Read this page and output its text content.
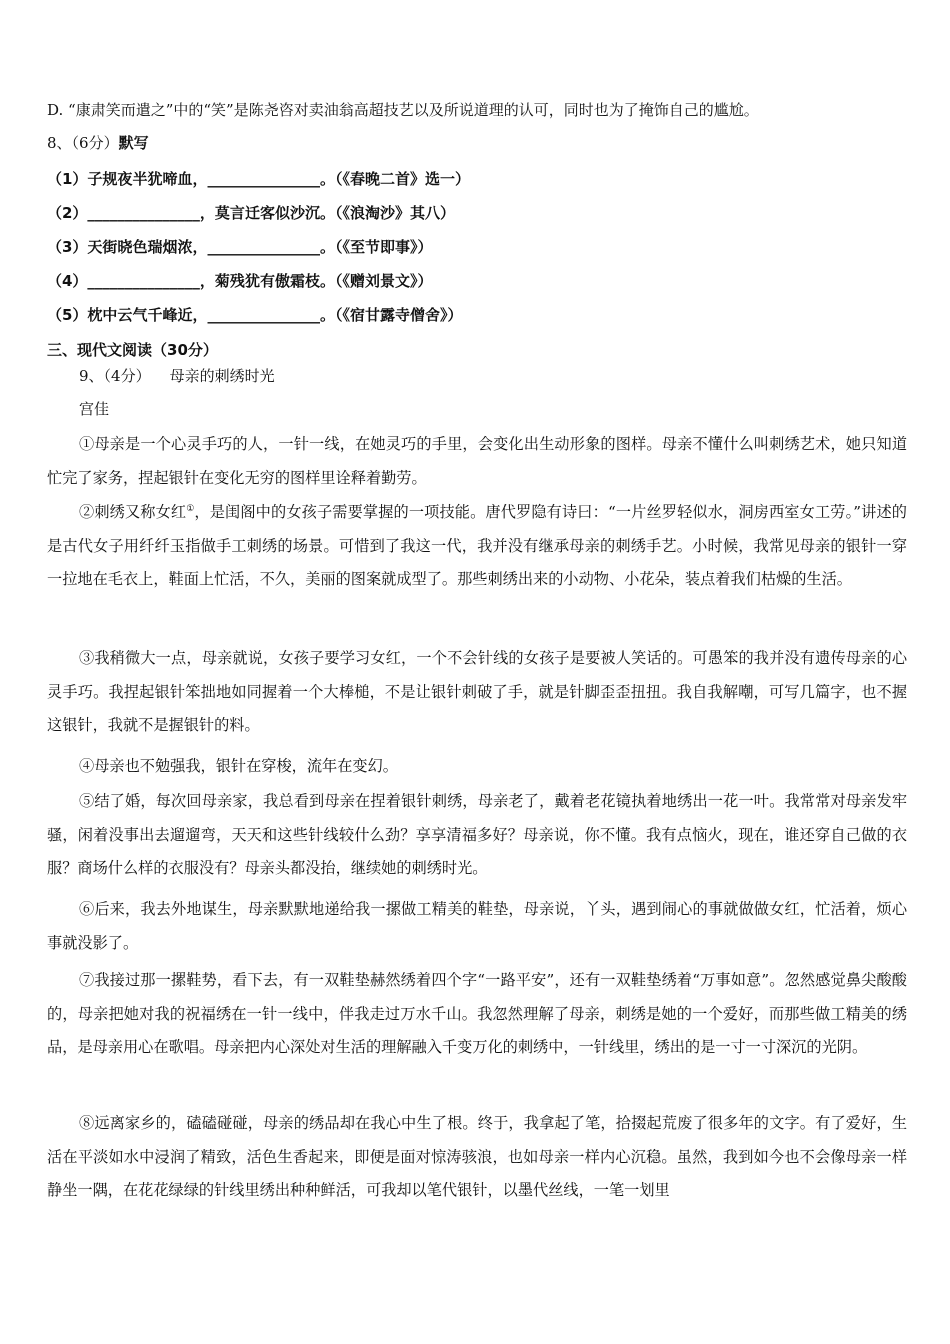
D. “康肃笑而遣之”中的“笑”是陈尧咨对卖油翁高超技艺以及所说道理的认可，同时也为了掩饰自己的尴尬。
8、（6分）默写
（1）子规夜半犹啼血，_______________。（《春晚二首》选一）
（2）_______________，莫言迁客似沙沉。（《浪淘沙》其八）
（3）天街晓色瑞烟浓，_______________。（《至节即事》）
（4）_______________，菊残犹有傲霜枝。（《赠刘景文》）
（5）枕中云气千峰近，_______________。（《宿甘露寺僧舍》）
三、现代文阅读（30分）
9、（4分）    母亲的刺绣时光
宫佳
①母亲是一个心灵手巧的人，一针一线，在她灵巧的手里，会变化出生动形象的图样。母亲不懂什么叫刺绣艺术，她只知道忙完了家务，捏起银针在变化无穷的图样里诠释着勤劳。
②刺绣又称女红①，是闺阁中的女孩子需要掌握的一项技能。唐代罗隐有诗曰：“一片丝罗轻似水，洞房西室女工劳。”讲述的是古代女子用纤纤玉指做手工刺绣的场景。可惜到了我这一代，我并没有继承母亲的刺绣手艺。小时候，我常见母亲的银针一穿一拉地在毛衣上，鞋面上忙活，不久，美丽的图案就成型了。那些刺绣出来的小动物、小花朵，装点着我们枯燥的生活。
③我稍微大一点，母亲就说，女孩子要学习女红，一个不会针线的女孩子是要被人笑话的。可愚笨的我并没有遗传母亲的心灵手巧。我捏起银针笨拙地如同握着一个大棒槌，不是让银针刺破了手，就是针脚歪歪扭扭。我自我解嘲，可写几篇字，也不握这银针，我就不是握银针的料。
④母亲也不勉强我，银针在穿梭，流年在变幻。
⑤结了婚，每次回母亲家，我总看到母亲在捏着银针刺绣，母亲老了，戴着老花镜执着地绣出一花一叶。我常常对母亲发牢骚，闲着没事出去遛遛弯，天天和这些针线较什么劲？享享清福多好？母亲说，你不懂。我有点恼火，现在，谁还穿自己做的衣服？商场什么样的衣服没有？母亲头都没抬，继续她的刺绣时光。
⑥后来，我去外地谋生，母亲默默地递给我一摞做工精美的鞋垫，母亲说，丫头，遇到闹心的事就做做女红，忙活着，烦心事就没影了。
⑦我接过那一摞鞋势，看下去，有一双鞋垫赫然绣着四个字“一路平安”，还有一双鞋垫绣着“万事如意”。忽然感觉鼻尖酸酸的，母亲把她对我的祝福绣在一针一线中，伴我走过万水千山。我忽然理解了母亲，刺绣是她的一个爱好，而那些做工精美的绣品，是母亲用心在歌唱。母亲把内心深处对生活的理解融入千变万化的刺绣中，一针线里，绣出的是一寸一寸深沉的光阴。
⑧远离家乡的，磕磕碰碰，母亲的绣品却在我心中生了根。终于，我拿起了笔，拾掇起荒废了很多年的文字。有了爱好，生活在平淡如水中浸润了精致，活色生香起来，即便是面对惊涛骇浪，也如母亲一样内心沉稳。虽然，我到如今也不会像母亲一样静坐一隅，在花花绿绿的针线里绣出种种鲜活，可我却以笔代银针，以墨代丝线，一笔一划里
